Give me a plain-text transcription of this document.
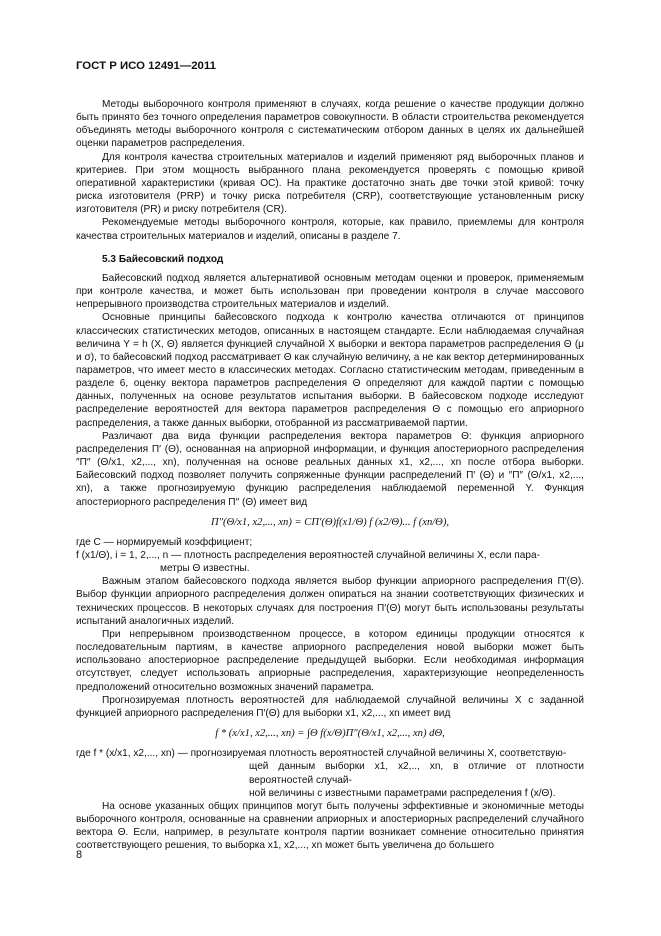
ГОСТ Р ИСО 12491—2011

Методы выборочного контроля применяют в случаях, когда решение о качестве продукции должно быть принято без точного определения параметров совокупности. В области строительства рекомендуется объединять методы выборочного контроля с систематическим отбором данных в целях их дальнейшей оценки параметров распределения.

Для контроля качества строительных материалов и изделий применяют ряд выборочных планов и критериев. При этом мощность выбранного плана рекомендуется проверять с помощью кривой оперативной характеристики (кривая ОС). На практике достаточно знать две точки этой кривой: точку риска изготовителя (PRP) и точку риска потребителя (CRP), соответствующие установленным риску изготовителя (PR) и риску потребителя (CR).

Рекомендуемые методы выборочного контроля, которые, как правило, приемлемы для контроля качества строительных материалов и изделий, описаны в разделе 7.

5.3 Байесовский подход

Байесовский подход является альтернативой основным методам оценки и проверок, применяемым при контроле качества, и может быть использован при проведении контроля в случае массового непрерывного производства строительных материалов и изделий.

Основные принципы байесовского подхода к контролю качества отличаются от принципов классических статистических методов, описанных в настоящем стандарте. Если наблюдаемая случайная величина Y = h (X, Θ) является функцией случайной X выборки и вектора параметров распределения Θ (μ и σ), то байесовский подход рассматривает Θ как случайную величину, а не как вектор детерминированных параметров, что имеет место в классических методах. Согласно статистическим методам, приведенным в разделе 6, оценку вектора параметров распределения Θ определяют для каждой партии с помощью данных, полученных на основе результатов испытания выборки. В байесовском подходе исследуют распределение вероятностей для вектора параметров распределения Θ с помощью его априорного распределения, а также данных выборки, отобранной из рассматриваемой партии.

Различают два вида функции распределения вектора параметров Θ: функция априорного распределения Π′ (Θ), основанная на априорной информации, и функция апостериорного распределения ″Π″ (Θ/x1, x2,..., xn), полученная на основе реальных данных x1, x2,..., xn после отбора выборки. Байесовский подход позволяет получить сопряженные функции распределений Π′ (Θ) и ″Π″ (Θ/x1, x2,..., xn), а также прогнозируемую функцию распределения наблюдаемой переменной Y. Функция апостериорного распределения Π″ (Θ) имеет вид

Π″(Θ/x1, x2,..., xn) = CΠ′(Θ)f(x1/Θ) f (x2/Θ)... f (xn/Θ),

где C — нормируемый коэффициент;

f (x1/Θ), i = 1, 2,..., n — плотность распределения вероятностей случайной величины X, если пара-
метры Θ известны.

Важным этапом байесовского подхода является выбор функции априорного распределения Π′(Θ). Выбор функции априорного распределения должен опираться на знании соответствующих физических и технических процессов. В некоторых случаях для построения Π′(Θ) могут быть использованы результаты испытаний аналогичных изделий.

При непрерывном производственном процессе, в котором единицы продукции относятся к последовательным партиям, в качестве априорного распределения новой выборки может быть использовано апостериорное распределение предыдущей выборки. Если необходимая информация отсутствует, следует использовать априорные распределения, характеризующие неопределенность предположений относительно возможных значений параметра.

Прогнозируемая плотность вероятностей для наблюдаемой случайной величины X с заданной функцией априорного распределения Π′(Θ) для выборки x1, x2,..., xn имеет вид

f * (x/x1, x2,..., xn) = ∫Θ f(x/Θ)Π″(Θ/x1, x2,..., xn) dΘ,

где f * (x/x1, x2,..., xn) — прогнозируемая плотность вероятностей случайной величины X, соответствую-
щей данным выборки x1, x2,.., xn, в отличие от плотности вероятностей случай-
ной величины с известными параметрами распределения f (x/Θ).

На основе указанных общих принципов могут быть получены эффективные и экономичные методы выборочного контроля, основанные на сравнении априорных и апостериорных распределений случайного вектора Θ. Если, например, в результате контроля партии возникает сомнение относительно принятия соответствующего решения, то выборка x1, x2,..., xn может быть увеличена до большего

8
